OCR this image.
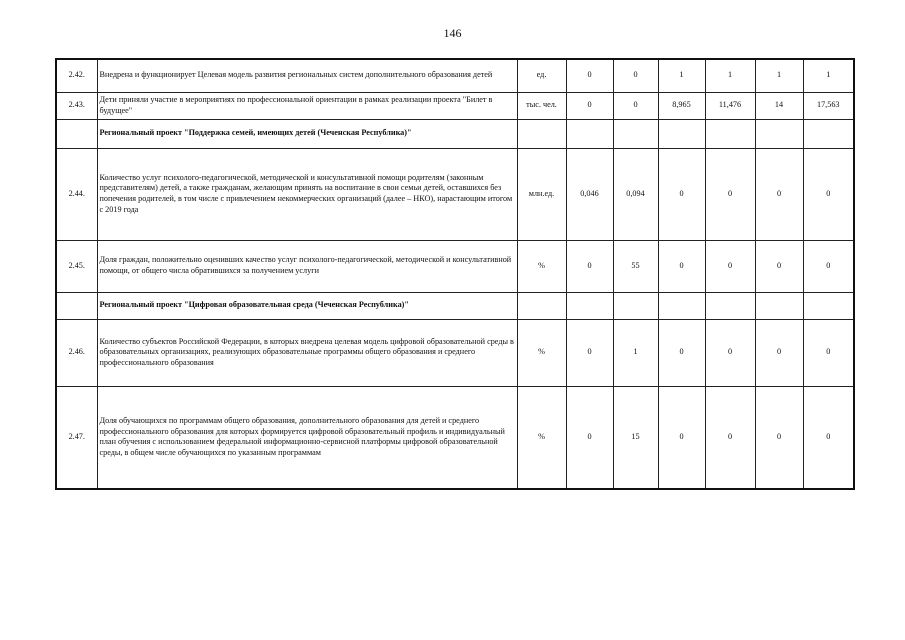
146
2.42.	Внедрена и функционирует Целевая модель развития региональных систем дополнительного образования детей	ед.	0	0	1	1	1	1
2.43.	Дети приняли участие в мероприятиях по профессиональной ориентации в рамках реализации проекта "Билет в будущее"	тыс. чел.	0	0	8,965	11,476	14	17,563
	Региональный проект "Поддержка семей, имеющих детей (Чеченская Республика)"							
2.44.	Количество услуг психолого-педагогической, методической и консультативной помощи родителям (законным представителям) детей, а также гражданам, желающим принять на воспитание в свои семьи детей, оставшихся без попечения родителей, в том числе с привлечением некоммерческих организаций (далее – НКО), нарастающим итогом с 2019 года	млн.ед.	0,046	0,094	0	0	0	0
2.45.	Доля граждан, положительно оценивших качество услуг психолого-педагогической, методической и консультативной помощи, от общего числа обратившихся за получением услуги	%	0	55	0	0	0	0
	Региональный проект "Цифровая образовательная среда (Чеченская Республика)"							
2.46.	Количество субъектов Российской Федерации, в которых внедрена целевая модель цифровой образовательной среды в образовательных организациях, реализующих образовательные программы общего образования и среднего профессионального образования	%	0	1	0	0	0	0
2.47.	Доля обучающихся по программам общего образования, дополнительного образования для детей и среднего профессионального образования для которых формируется цифровой образовательный профиль и индивидуальный план обучения с использованием федеральной информационно-сервисной платформы цифровой образовательной среды, в общем числе обучающихся по указанным программам	%	0	15	0	0	0	0
